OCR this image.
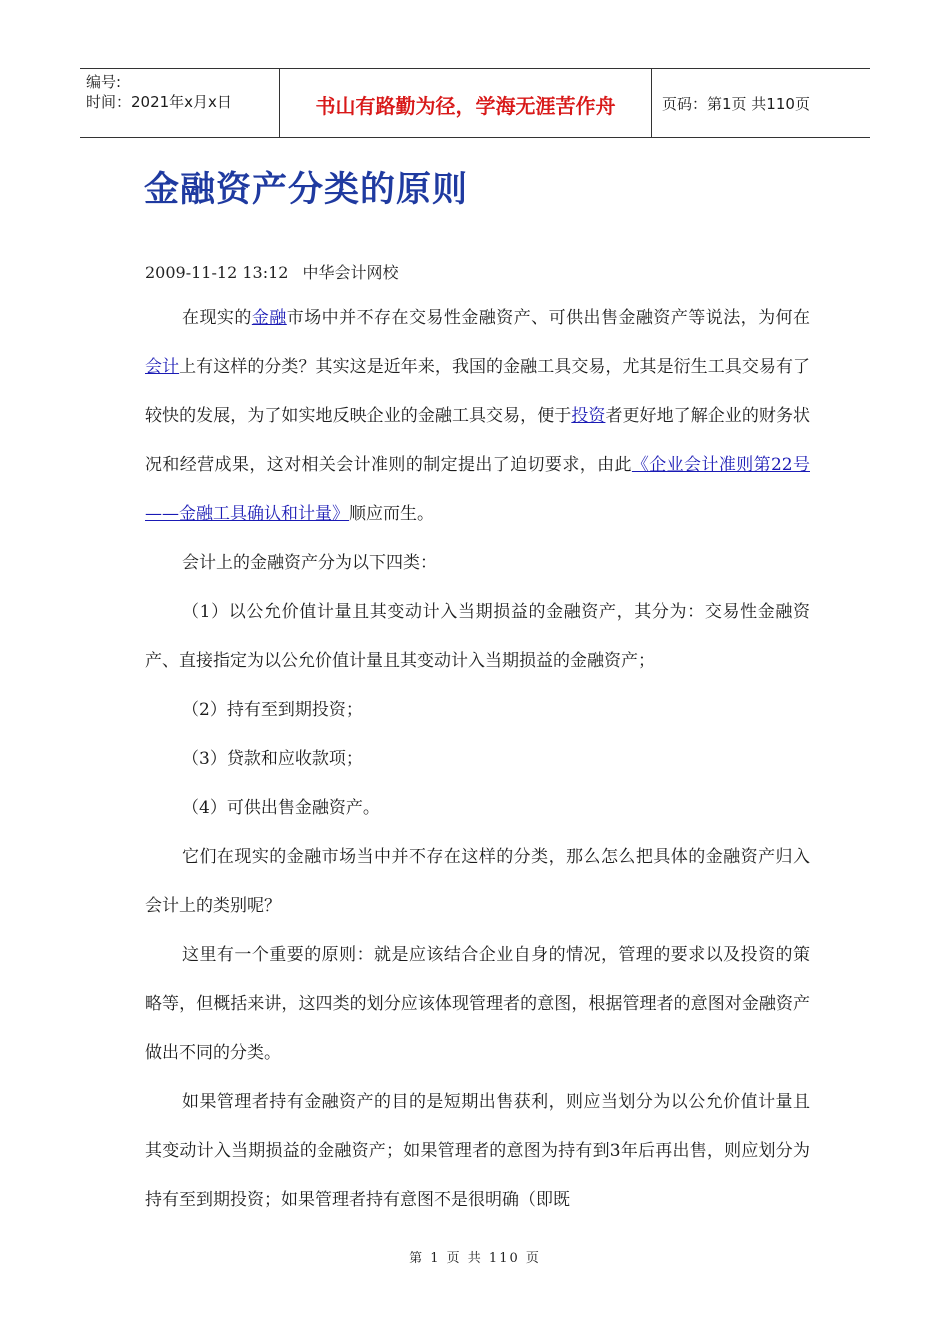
编号:
时间：2021年x月x日	书山有路勤为径，学海无涯苦作舟	页码：第1页 共110页
金融资产分类的原则
2009-11-12 13:12 中华会计网校

在现实的金融市场中并不存在交易性金融资产、可供出售金融资产等说法，为何在会计上有这样的分类？其实这是近年来，我国的金融工具交易，尤其是衍生工具交易有了较快的发展，为了如实地反映企业的金融工具交易，便于投资者更好地了解企业的财务状况和经营成果，这对相关会计准则的制定提出了迫切要求，由此《企业会计准则第22号——金融工具确认和计量》顺应而生。

会计上的金融资产分为以下四类：

（1）以公允价值计量且其变动计入当期损益的金融资产，其分为：交易性金融资产、直接指定为以公允价值计量且其变动计入当期损益的金融资产；

（2）持有至到期投资；

（3）贷款和应收款项；

（4）可供出售金融资产。

它们在现实的金融市场当中并不存在这样的分类，那么怎么把具体的金融资产归入会计上的类别呢？

这里有一个重要的原则：就是应该结合企业自身的情况，管理的要求以及投资的策略等，但概括来讲，这四类的划分应该体现管理者的意图，根据管理者的意图对金融资产做出不同的分类。

如果管理者持有金融资产的目的是短期出售获利，则应当划分为以公允价值计量且其变动计入当期损益的金融资产；如果管理者的意图为持有到3年后再出售，则应划分为持有至到期投资；如果管理者持有意图不是很明确（即既

第 1 页 共 110 页
